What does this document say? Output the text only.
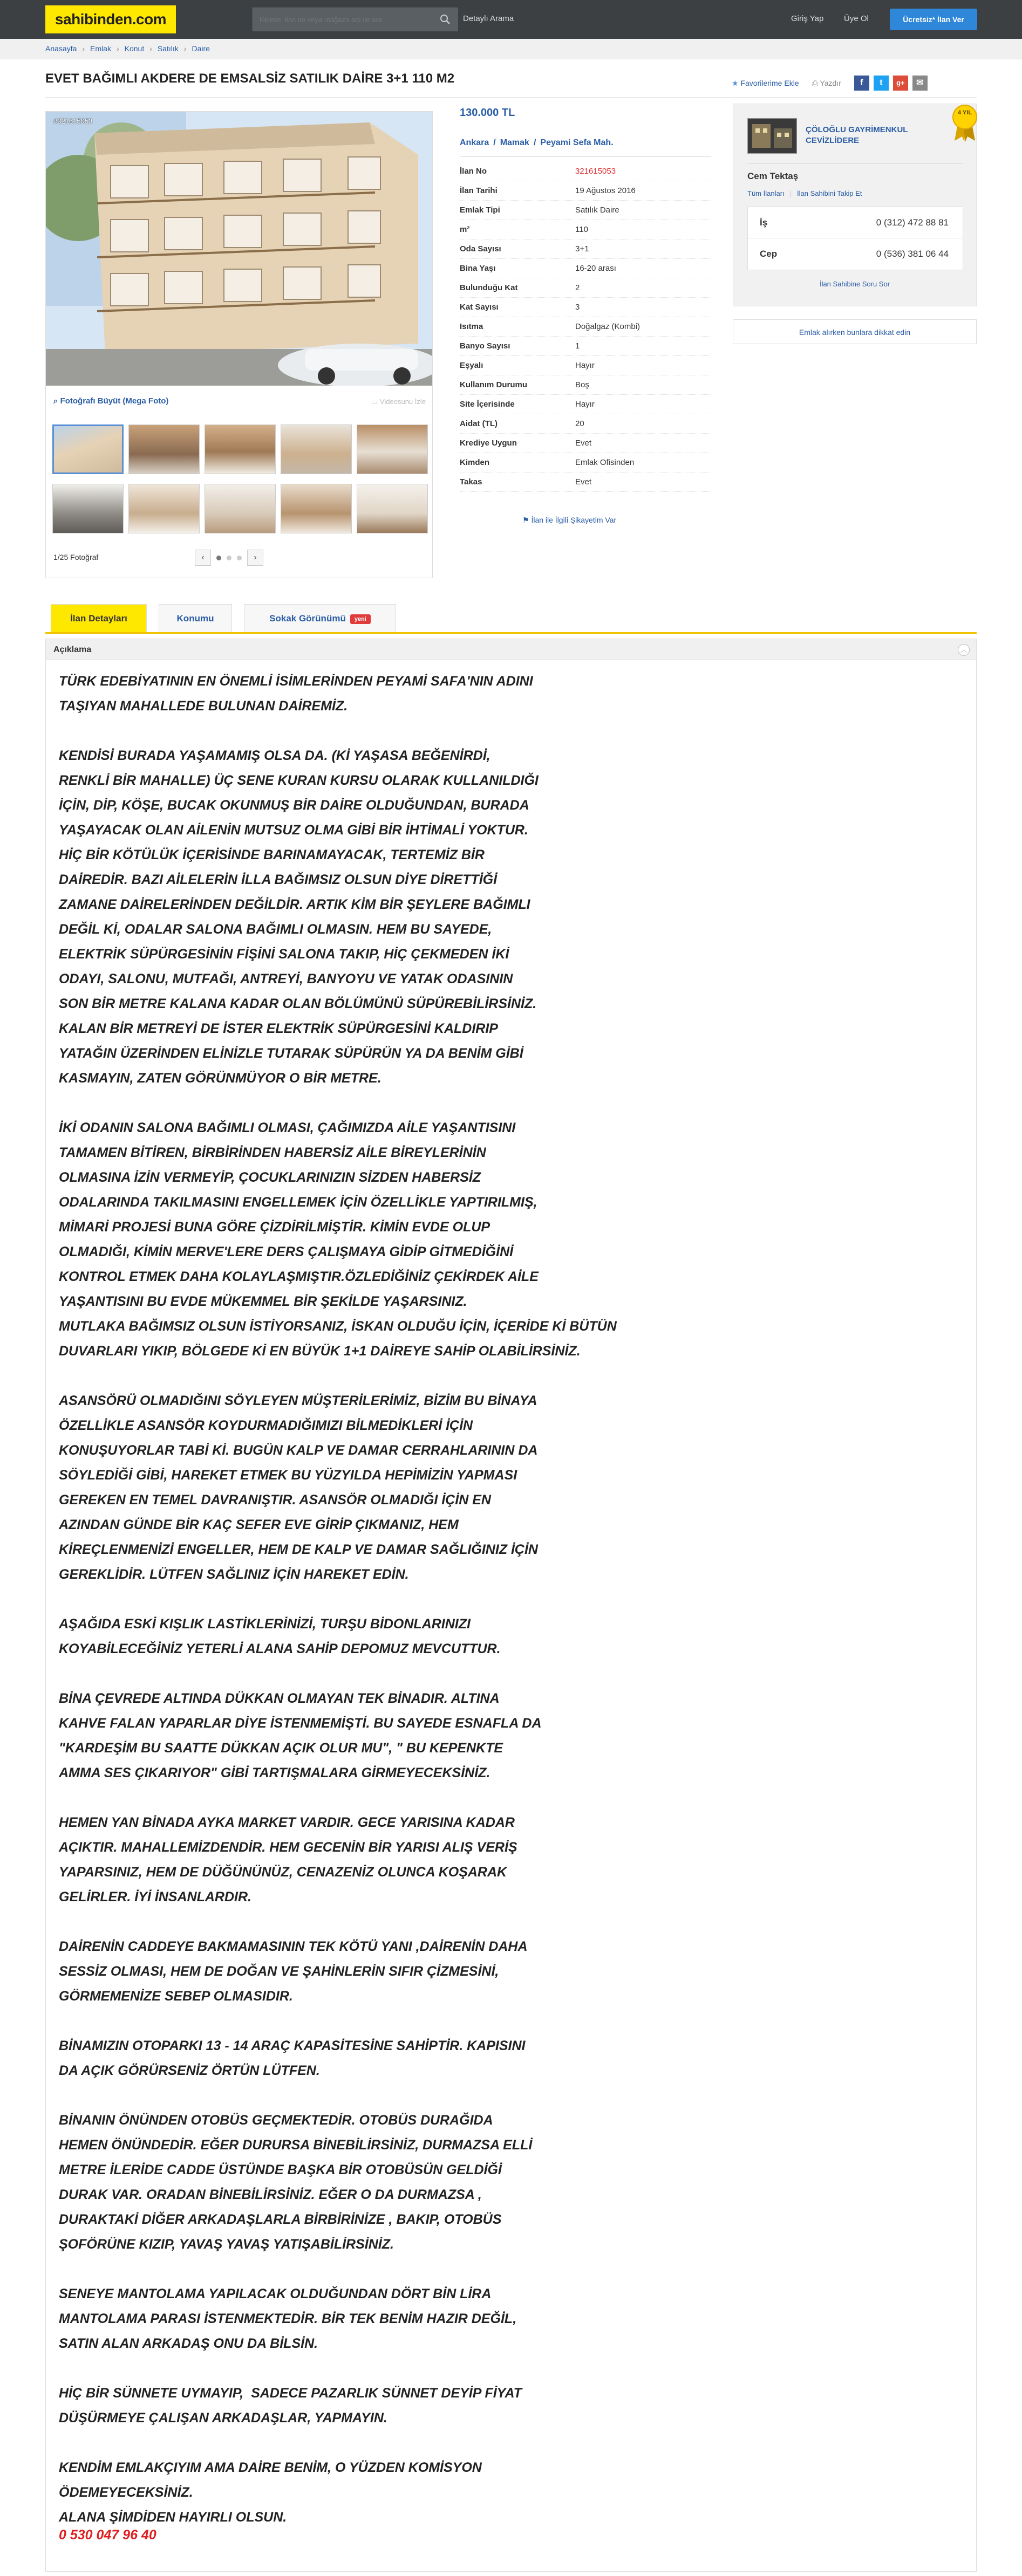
sahibinden.com
Kelime, ilan no veya mağaza adı ile ara	Detaylı Arama	Giriş Yap	Üye Ol	Ücretsiz* İlan Ver
Anasayfa › Emlak › Konut › Satılık › Daire
EVET BAĞIMLI AKDERE DE EMSALSİZ SATILIK DAİRE 3+1 110 M2	★ Favorilerime Ekle ⎙ Yazdır	f	t	g+	✉
#321615053
⌕ Fotoğrafı Büyüt (Mega Foto)	▭ Videosunu İzle
1/25 Fotoğraf	‹	›
130.000 TL
Ankara / Mamak / Peyami Sefa Mah.
İlan No	321615053
İlan Tarihi	19 Ağustos 2016
Emlak Tipi	Satılık Daire
m²	110
Oda Sayısı	3+1
Bina Yaşı	16-20 arası
Bulunduğu Kat	2
Kat Sayısı	3
Isıtma	Doğalgaz (Kombi)
Banyo Sayısı	1
Eşyalı	Hayır
Kullanım Durumu	Boş
Site İçerisinde	Hayır
Aidat (TL)	20
Krediye Uygun	Evet
Kimden	Emlak Ofisinden
Takas	Evet
⚑ İlan ile İlgili Şikayetim Var
ÇÖLOĞLU GAYRİMENKUL CEVİZLİDERE
4 YIL
Cem Tektaş
Tüm İlanları | İlan Sahibini Takip Et
İş	0 (312) 472 88 81
Cep	0 (536) 381 06 44
İlan Sahibine Soru Sor
Emlak alırken bunlara dikkat edin
İlan Detayları	Konumu	Sokak Görünümü yeni
Açıklama	︿
TÜRK EDEBİYATININ EN ÖNEMLİ İSİMLERİNDEN PEYAMİ SAFA'NIN ADINI
TAŞIYAN MAHALLEDE BULUNAN DAİREMİZ.

KENDİSİ BURADA YAŞAMAMIŞ OLSA DA. (Kİ YAŞASA BEĞENİRDİ,
RENKLİ BİR MAHALLE) ÜÇ SENE KURAN KURSU OLARAK KULLANILDIĞI
İÇİN, DİP, KÖŞE, BUCAK OKUNMUŞ BİR DAİRE OLDUĞUNDAN, BURADA
YAŞAYACAK OLAN AİLENİN MUTSUZ OLMA GİBİ BİR İHTİMALİ YOKTUR.
HİÇ BİR KÖTÜLÜK İÇERİSİNDE BARINAMAYACAK, TERTEMİZ BİR
DAİREDİR. BAZI AİLELERİN İLLA BAĞIMSIZ OLSUN DİYE DİRETTİĞİ
ZAMANE DAİRELERİNDEN DEĞİLDİR. ARTIK KİM BİR ŞEYLERE BAĞIMLI
DEĞİL Kİ, ODALAR SALONA BAĞIMLI OLMASIN. HEM BU SAYEDE,
ELEKTRİK SÜPÜRGESİNİN FİŞİNİ SALONA TAKIP, HİÇ ÇEKMEDEN İKİ
ODAYI, SALONU, MUTFAĞI, ANTREYİ, BANYOYU VE YATAK ODASININ
SON BİR METRE KALANA KADAR OLAN BÖLÜMÜNÜ SÜPÜREBİLİRSİNİZ.
KALAN BİR METREYİ DE İSTER ELEKTRİK SÜPÜRGESİNİ KALDIRIP
YATAĞIN ÜZERİNDEN ELİNİZLE TUTARAK SÜPÜRÜN YA DA BENİM GİBİ
KASMAYIN, ZATEN GÖRÜNMÜYOR O BİR METRE.

İKİ ODANIN SALONA BAĞIMLI OLMASI, ÇAĞIMIZDA AİLE YAŞANTISINI
TAMAMEN BİTİREN, BİRBİRİNDEN HABERSİZ AİLE BİREYLERİNİN
OLMASINA İZİN VERMEYİP, ÇOCUKLARINIZIN SİZDEN HABERSİZ
ODALARINDA TAKILMASINI ENGELLEMEK İÇİN ÖZELLİKLE YAPTIRILMIŞ,
MİMARİ PROJESİ BUNA GÖRE ÇİZDİRİLMİŞTİR. KİMİN EVDE OLUP
OLMADIĞI, KİMİN MERVE'LERE DERS ÇALIŞMAYA GİDİP GİTMEDİĞİNİ
KONTROL ETMEK DAHA KOLAYLAŞMIŞTIR.ÖZLEDİĞİNİZ ÇEKİRDEK AİLE
YAŞANTISINI BU EVDE MÜKEMMEL BİR ŞEKİLDE YAŞARSINIZ.
MUTLAKA BAĞIMSIZ OLSUN İSTİYORSANIZ, İSKAN OLDUĞU İÇİN, İÇERİDE Kİ BÜTÜN
DUVARLARI YIKIP, BÖLGEDE Kİ EN BÜYÜK 1+1 DAİREYE SAHİP OLABİLİRSİNİZ.

ASANSÖRÜ OLMADIĞINI SÖYLEYEN MÜŞTERİLERİMİZ, BİZİM BU BİNAYA
ÖZELLİKLE ASANSÖR KOYDURMADIĞIMIZI BİLMEDİKLERİ İÇİN
KONUŞUYORLAR TABİ Kİ. BUGÜN KALP VE DAMAR CERRAHLARININ DA
SÖYLEDİĞİ GİBİ, HAREKET ETMEK BU YÜZYILDA HEPİMİZİN YAPMASI
GEREKEN EN TEMEL DAVRANIŞTIR. ASANSÖR OLMADIĞI İÇİN EN
AZINDAN GÜNDE BİR KAÇ SEFER EVE GİRİP ÇIKMANIZ, HEM
KİREÇLENMENİZİ ENGELLER, HEM DE KALP VE DAMAR SAĞLIĞINIZ İÇİN
GEREKLİDİR. LÜTFEN SAĞLINIZ İÇİN HAREKET EDİN.

AŞAĞIDA ESKİ KIŞLIK LASTİKLERİNİZİ, TURŞU BİDONLARINIZI
KOYABİLECEĞİNİZ YETERLİ ALANA SAHİP DEPOMUZ MEVCUTTUR.

BİNA ÇEVREDE ALTINDA DÜKKAN OLMAYAN TEK BİNADIR. ALTINA
KAHVE FALAN YAPARLAR DİYE İSTENMEMİŞTİ. BU SAYEDE ESNAFLA DA
"KARDEŞİM BU SAATTE DÜKKAN AÇIK OLUR MU", " BU KEPENKTE
AMMA SES ÇIKARIYOR" GİBİ TARTIŞMALARA GİRMEYECEKSİNİZ.

HEMEN YAN BİNADA AYKA MARKET VARDIR. GECE YARISINA KADAR
AÇIKTIR. MAHALLEMİZDENDİR. HEM GECENİN BİR YARISI ALIŞ VERİŞ
YAPARSINIZ, HEM DE DÜĞÜNÜNÜZ, CENAZENİZ OLUNCA KOŞARAK
GELİRLER. İYİ İNSANLARDIR.

DAİRENİN CADDEYE BAKMAMASININ TEK KÖTÜ YANI ,DAİRENİN DAHA
SESSİZ OLMASI, HEM DE DOĞAN VE ŞAHİNLERİN SIFIR ÇİZMESİNİ,
GÖRMEMENİZE SEBEP OLMASIDIR.

BİNAMIZIN OTOPARKI 13 - 14 ARAÇ KAPASİTESİNE SAHİPTİR. KAPISINI
DA AÇIK GÖRÜRSENİZ ÖRTÜN LÜTFEN.

BİNANIN ÖNÜNDEN OTOBÜS GEÇMEKTEDİR. OTOBÜS DURAĞIDA
HEMEN ÖNÜNDEDİR. EĞER DURURSA BİNEBİLİRSİNİZ, DURMAZSA ELLİ
METRE İLERİDE CADDE ÜSTÜNDE BAŞKA BİR OTOBÜSÜN GELDİĞİ
DURAK VAR. ORADAN BİNEBİLİRSİNİZ. EĞER O DA DURMAZSA ,
DURAKTAKİ DİĞER ARKADAŞLARLA BİRBİRİNİZE , BAKIP, OTOBÜS
ŞOFÖRÜNE KIZIP, YAVAŞ YAVAŞ YATIŞABİLİRSİNİZ.

SENEYE MANTOLAMA YAPILACAK OLDUĞUNDAN DÖRT BİN LİRA
MANTOLAMA PARASI İSTENMEKTEDİR. BİR TEK BENİM HAZIR DEĞİL,
SATIN ALAN ARKADAŞ ONU DA BİLSİN.

HİÇ BİR SÜNNETE UYMAYIP,  SADECE PAZARLIK SÜNNET DEYİP FİYAT
DÜŞÜRMEYE ÇALIŞAN ARKADAŞLAR, YAPMAYIN.

KENDİM EMLAKÇIYIM AMA DAİRE BENİM, O YÜZDEN KOMİSYON
ÖDEMEYECEKSİNİZ.
ALANA ŞİMDİDEN HAYIRLI OLSUN.
0 530 047 96 40
